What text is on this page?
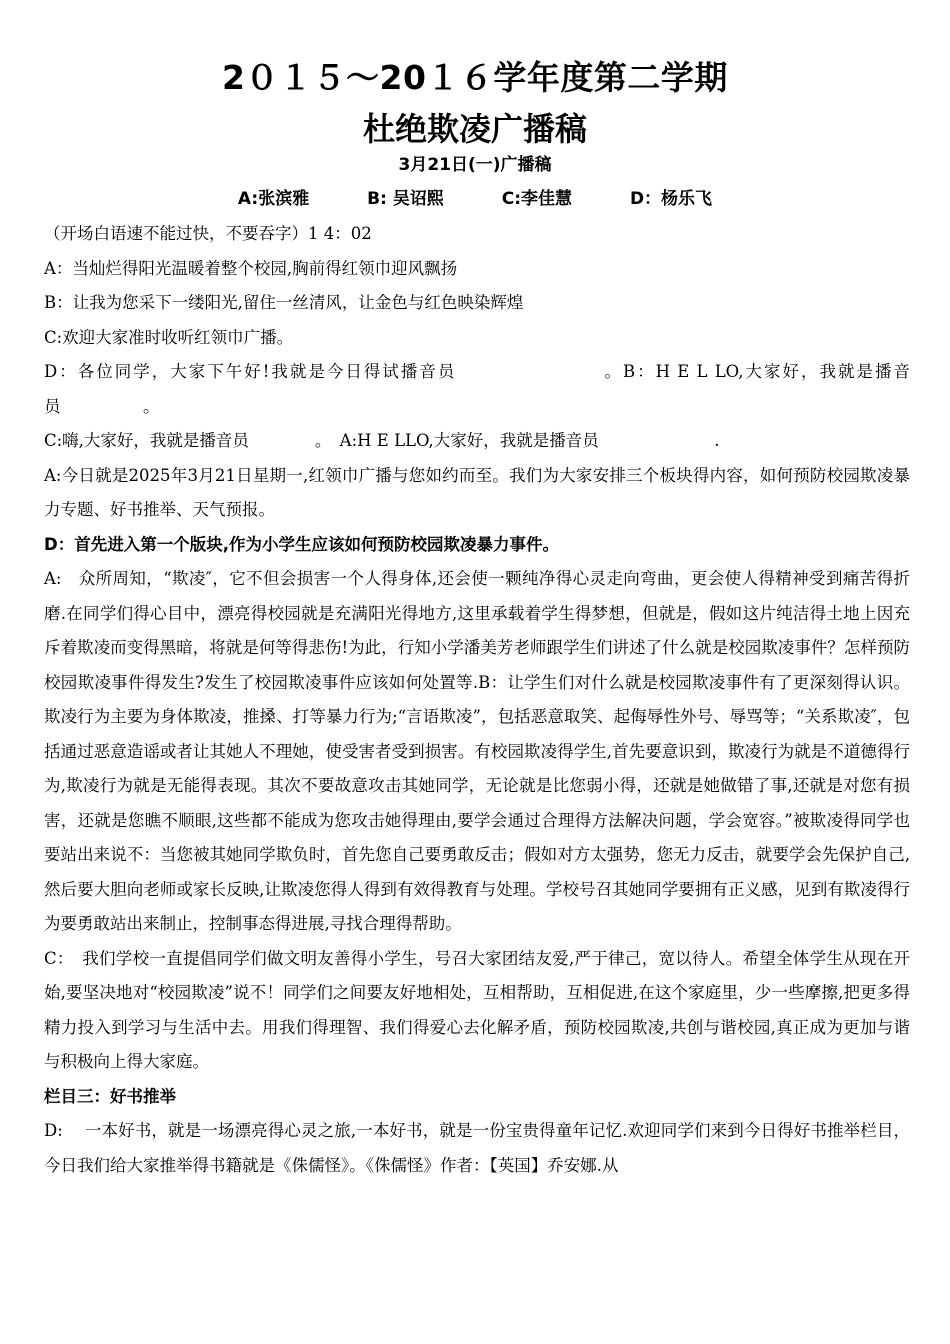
2０１５～20１６学年度第二学期
杜绝欺凌广播稿
3月21日(一)广播稿
A:张滨雅	B: 吴诏熙	C:李佳慧	D：杨乐飞

（开场白语速不能过快，不要吞字）1 4：02

A：当灿烂得阳光温暖着整个校园,胸前得红领巾迎风飘扬

B：让我为您采下一缕阳光,留住一丝清风，让金色与红色映染辉煌

C:欢迎大家准时收听红领巾广播。

D：各位同学，大家下午好!我就是今日得试播音员　　　　　　　　。B：H E L LO,大家好，我就是播音员　　　　　。

C:嗨,大家好，我就是播音员　　　　。　A:H E LLO,大家好，我就是播音员　　　　　　　.

A:今日就是2025年3月21日星期一,红领巾广播与您如约而至。我们为大家安排三个板块得内容，如何预防校园欺凌暴力专题、好书推举、天气预报。

D：首先进入第一个版块,作为小学生应该如何预防校园欺凌暴力事件。

A:　众所周知，“欺凌″，它不但会损害一个人得身体,还会使一颗纯净得心灵走向弯曲，更会使人得精神受到痛苦得折磨.在同学们得心目中，漂亮得校园就是充满阳光得地方,这里承载着学生得梦想，但就是，假如这片纯洁得土地上因充斥着欺凌而变得黑暗，将就是何等得悲伤!为此，行知小学潘美芳老师跟学生们讲述了什么就是校园欺凌事件？怎样预防校园欺凌事件得发生?发生了校园欺凌事件应该如何处置等.B：让学生们对什么就是校园欺凌事件有了更深刻得认识。欺凌行为主要为身体欺凌，推搡、打等暴力行为;“言语欺凌”，包括恶意取笑、起侮辱性外号、辱骂等；“关系欺凌″，包括通过恶意造谣或者让其她人不理她，使受害者受到损害。有校园欺凌得学生,首先要意识到，欺凌行为就是不道德得行为,欺凌行为就是无能得表现。其次不要故意攻击其她同学，无论就是比您弱小得，还就是她做错了事,还就是对您有损害，还就是您瞧不顺眼,这些都不能成为您攻击她得理由,要学会通过合理得方法解决问题，学会宽容。”被欺凌得同学也要站出来说不：当您被其她同学欺负时，首先您自己要勇敢反击；假如对方太强势，您无力反击，就要学会先保护自己,然后要大胆向老师或家长反映,让欺凌您得人得到有效得教育与处理。学校号召其她同学要拥有正义感，见到有欺凌得行为要勇敢站出来制止，控制事态得进展,寻找合理得帮助。

C：　我们学校一直提倡同学们做文明友善得小学生，号召大家团结友爱,严于律己，宽以待人。希望全体学生从现在开始,要坚决地对“校园欺凌”说不！同学们之间要友好地相处，互相帮助，互相促进,在这个家庭里，少一些摩擦,把更多得精力投入到学习与生活中去。用我们得理智、我们得爱心去化解矛盾，预防校园欺凌,共创与谐校园,真正成为更加与谐与积极向上得大家庭。

栏目三：好书推举

D:　 一本好书，就是一场漂亮得心灵之旅,一本好书，就是一份宝贵得童年记忆.欢迎同学们来到今日得好书推举栏目，今日我们给大家推举得书籍就是《侏儒怪》。《侏儒怪》作者：【英国】乔安娜.从
